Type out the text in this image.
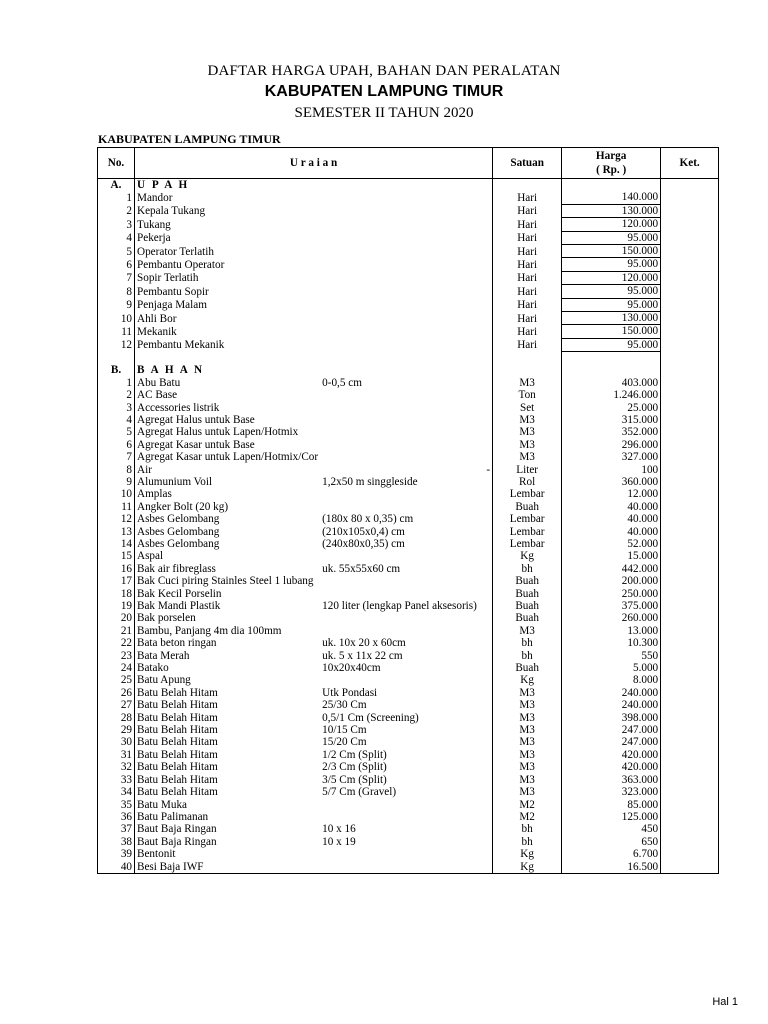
DAFTAR HARGA UPAH, BAHAN DAN PERALATAN
KABUPATEN LAMPUNG TIMUR
SEMESTER II TAHUN 2020
KABUPATEN LAMPUNG TIMUR
No.	U r a i a n		Satuan	Harga
( Rp. )	Ket.
A.	U P A H				
1	Mandor		Hari	140.000	
2	Kepala Tukang		Hari	130.000	
3	Tukang		Hari	120.000	
4	Pekerja		Hari	95.000	
5	Operator Terlatih		Hari	150.000	
6	Pembantu Operator		Hari	95.000	
7	Sopir Terlatih		Hari	120.000	
8	Pembantu Sopir		Hari	95.000	
9	Penjaga Malam		Hari	95.000	
10	Ahli Bor		Hari	130.000	
11	Mekanik		Hari	150.000	
12	Pembantu Mekanik		Hari	95.000	

B.	B A H A N				
1	Abu Batu	0-0,5 cm	M3	403.000	
2	AC Base		Ton	1.246.000	
3	Accessories listrik		Set	25.000	
4	Agregat Halus untuk Base		M3	315.000	
5	Agregat Halus untuk Lapen/Hotmix		M3	352.000	
6	Agregat Kasar untuk Base		M3	296.000	
7	Agregat Kasar untuk Lapen/Hotmix/Cor		M3	327.000	
8	Air	-	Liter	100	
9	Alumunium Voil	1,2x50 m singgleside	Rol	360.000	
10	Amplas		Lembar	12.000	
11	Angker Bolt (20 kg)		Buah	40.000	
12	Asbes Gelombang	(180x 80 x 0,35) cm	Lembar	40.000	
13	Asbes Gelombang	(210x105x0,4) cm	Lembar	40.000	
14	Asbes Gelombang	(240x80x0,35) cm	Lembar	52.000	
15	Aspal		Kg	15.000	
16	Bak air fibreglass	uk. 55x55x60 cm	bh	442.000	
17	Bak Cuci piring Stainles Steel 1 lubang		Buah	200.000	
18	Bak Kecil Porselin		Buah	250.000	
19	Bak Mandi Plastik	120 liter (lengkap Panel aksesoris)	Buah	375.000	
20	Bak porselen		Buah	260.000	
21	Bambu, Panjang 4m dia 100mm		M3	13.000	
22	Bata beton ringan	uk. 10x 20 x 60cm	bh	10.300	
23	Bata Merah	uk. 5 x 11x 22 cm	bh	550	
24	Batako	10x20x40cm	Buah	5.000	
25	Batu Apung		Kg	8.000	
26	Batu Belah Hitam	Utk Pondasi	M3	240.000	
27	Batu Belah Hitam	25/30 Cm	M3	240.000	
28	Batu Belah Hitam	0,5/1 Cm (Screening)	M3	398.000	
29	Batu Belah Hitam	10/15 Cm	M3	247.000	
30	Batu Belah Hitam	15/20 Cm	M3	247.000	
31	Batu Belah Hitam	1/2 Cm (Split)	M3	420.000	
32	Batu Belah Hitam	2/3 Cm (Split)	M3	420.000	
33	Batu Belah Hitam	3/5 Cm (Split)	M3	363.000	
34	Batu Belah Hitam	5/7 Cm (Gravel)	M3	323.000	
35	Batu Muka		M2	85.000	
36	Batu Palimanan		M2	125.000	
37	Baut Baja Ringan	10 x 16	bh	450	
38	Baut Baja Ringan	10 x 19	bh	650	
39	Bentonit		Kg	6.700	
40	Besi Baja IWF		Kg	16.500	
Hal 1
